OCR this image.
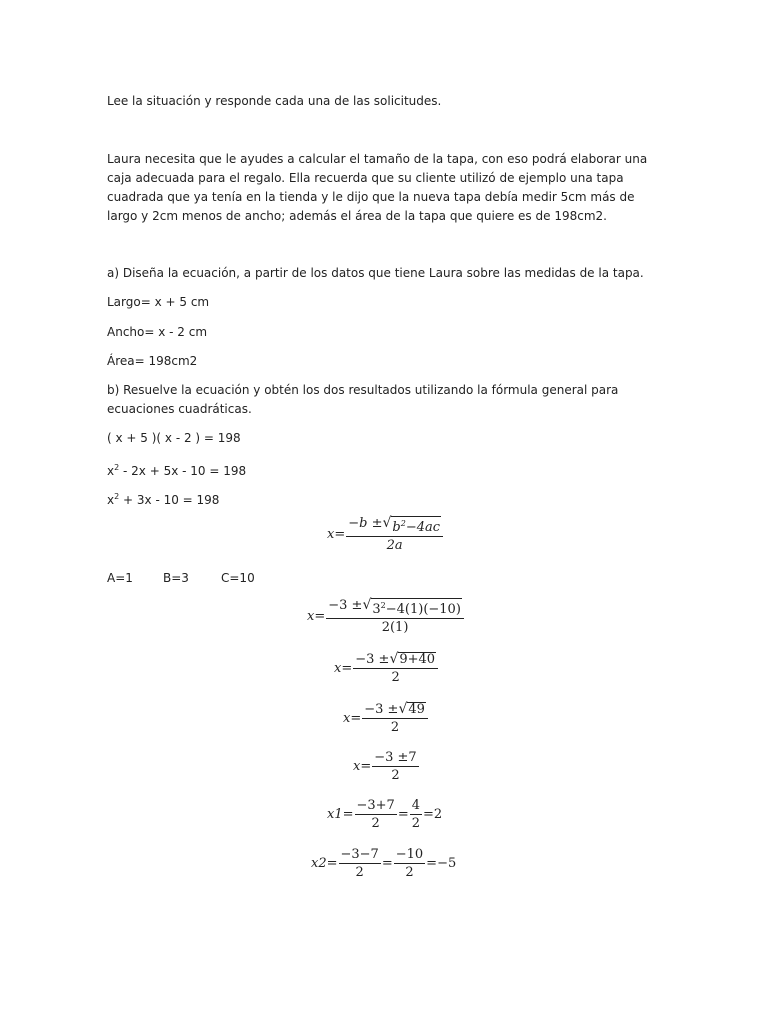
Lee la situación y responde cada una de las solicitudes.
Laura necesita que le ayudes a calcular el tamaño de la tapa, con eso podrá elaborar una caja adecuada para el regalo. Ella recuerda que su cliente utilizó de ejemplo una tapa cuadrada que ya tenía en la tienda y le dijo que la nueva tapa debía medir 5cm más de largo y 2cm menos de ancho; además el área de la tapa que quiere es de 198cm2.
a) Diseña la ecuación, a partir de los datos que tiene Laura sobre las medidas de la tapa.
Largo= x + 5 cm
Ancho= x - 2 cm
Área= 198cm2
b) Resuelve la ecuación y obtén los dos resultados utilizando la fórmula general para ecuaciones cuadráticas.
( x + 5 )( x - 2 ) = 198
$x^2 - 2x + 5x - 10 = 198$
$x^2 + 3x - 10 = 198$
$x= \frac{-b \pm √ b^2-4ac}{2a}$
A=1	B=3	C=10
$x= \frac{-3 \pm √ 3^2-4(1)(-10)}{2(1)}$
$x= \frac{-3 \pm √ 9+40}{2}$
$x= \frac{-3 \pm √ 49}{2}$
$x= \frac{-3 \pm 7}{2}$
$x1= \frac{-3+7}{2} = \frac{4}{2} =2$
$x2= \frac{-3-7}{2} = \frac{-10}{2} =-5$
